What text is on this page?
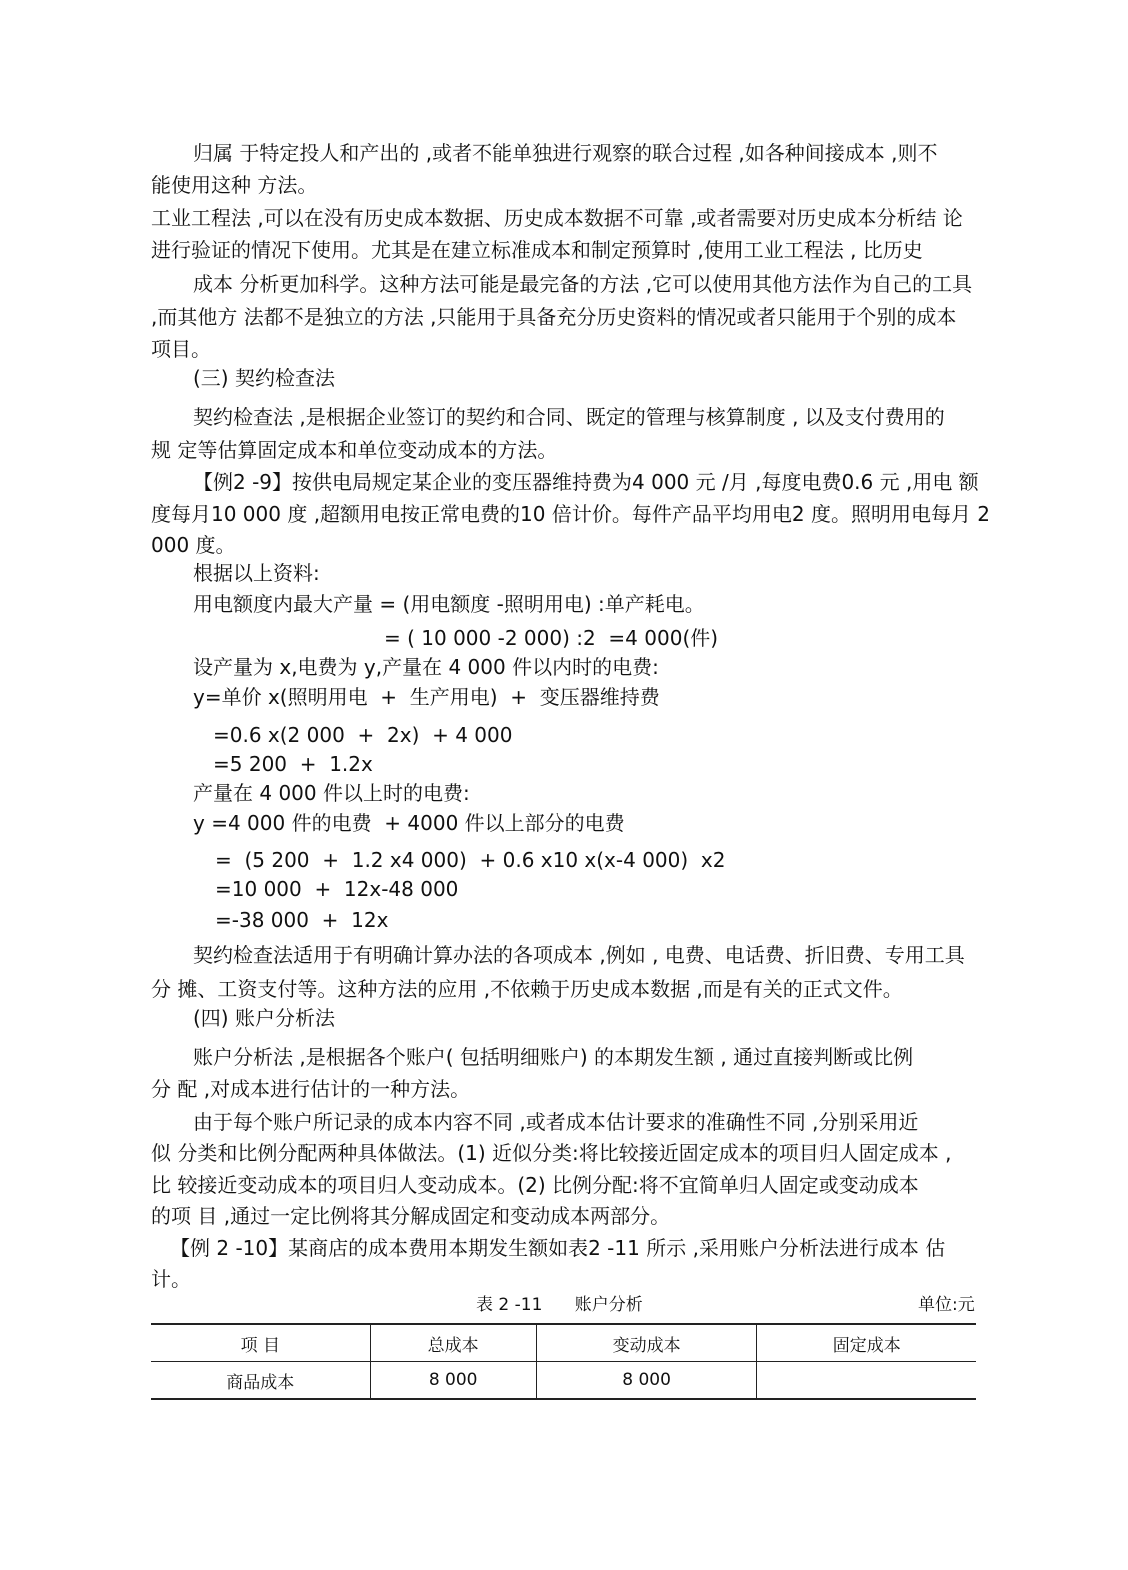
归属 于特定投人和产出的 ,或者不能单独进行观察的联合过程 ,如各种间接成本 ,则不
能使用这种 方法。
工业工程法 ,可以在没有历史成本数据、历史成本数据不可靠 ,或者需要对历史成本分析结 论
进行验证的情况下使用。尤其是在建立标准成本和制定预算时 ,使用工业工程法 , 比历史
成本 分析更加科学。这种方法可能是最完备的方法 ,它可以使用其他方法作为自己的工具
,而其他方 法都不是独立的方法 ,只能用于具备充分历史资料的情况或者只能用于个别的成本
项目。
(三) 契约检查法
契约检查法 ,是根据企业签订的契约和合同、既定的管理与核算制度 , 以及支付费用的
规 定等估算固定成本和单位变动成本的方法。
【例2 -9】按供电局规定某企业的变压器维持费为4 000 元 /月 ,每度电费0.6 元 ,用电 额
度每月10 000 度 ,超额用电按正常电费的10 倍计价。每件产品平均用电2 度。照明用电每月 2
000 度。
根据以上资料:
用电额度内最大产量 = (用电额度 -照明用电) :单产耗电。
= ( 10 000 -2 000) :2  =4 000(件)
设产量为 x,电费为 y,产量在 4 000 件以内时的电费:
y=单价 x(照明用电  +  生产用电)  +  变压器维持费
=0.6 x(2 000  +  2x)  + 4 000
=5 200  +  1.2x
产量在 4 000 件以上时的电费:
y =4 000 件的电费  + 4000 件以上部分的电费
=  (5 200  +  1.2 x4 000)  + 0.6 x10 x(x-4 000)  x2
=10 000  +  12x-48 000
=-38 000  +  12x
契约检查法适用于有明确计算办法的各项成本 ,例如 , 电费、电话费、折旧费、专用工具
分 摊、工资支付等。这种方法的应用 ,不依赖于历史成本数据 ,而是有关的正式文件。
(四) 账户分析法
账户分析法 ,是根据各个账户( 包括明细账户) 的本期发生额 , 通过直接判断或比例
分 配 ,对成本进行估计的一种方法。
由于每个账户所记录的成本内容不同 ,或者成本估计要求的准确性不同 ,分别采用近
似 分类和比例分配两种具体做法。(1) 近似分类:将比较接近固定成本的项目归人固定成本 ,
比 较接近变动成本的项目归人变动成本。(2) 比例分配:将不宜简单归人固定或变动成本
的项 目 ,通过一定比例将其分解成固定和变动成本两部分。
【例 2 -10】某商店的成本费用本期发生额如表2 -11 所示 ,采用账户分析法进行成本 估
计。
表 2 -11      账户分析	单位:元
项 目	总成本	变动成本	固定成本
商品成本	8 000	8 000	
